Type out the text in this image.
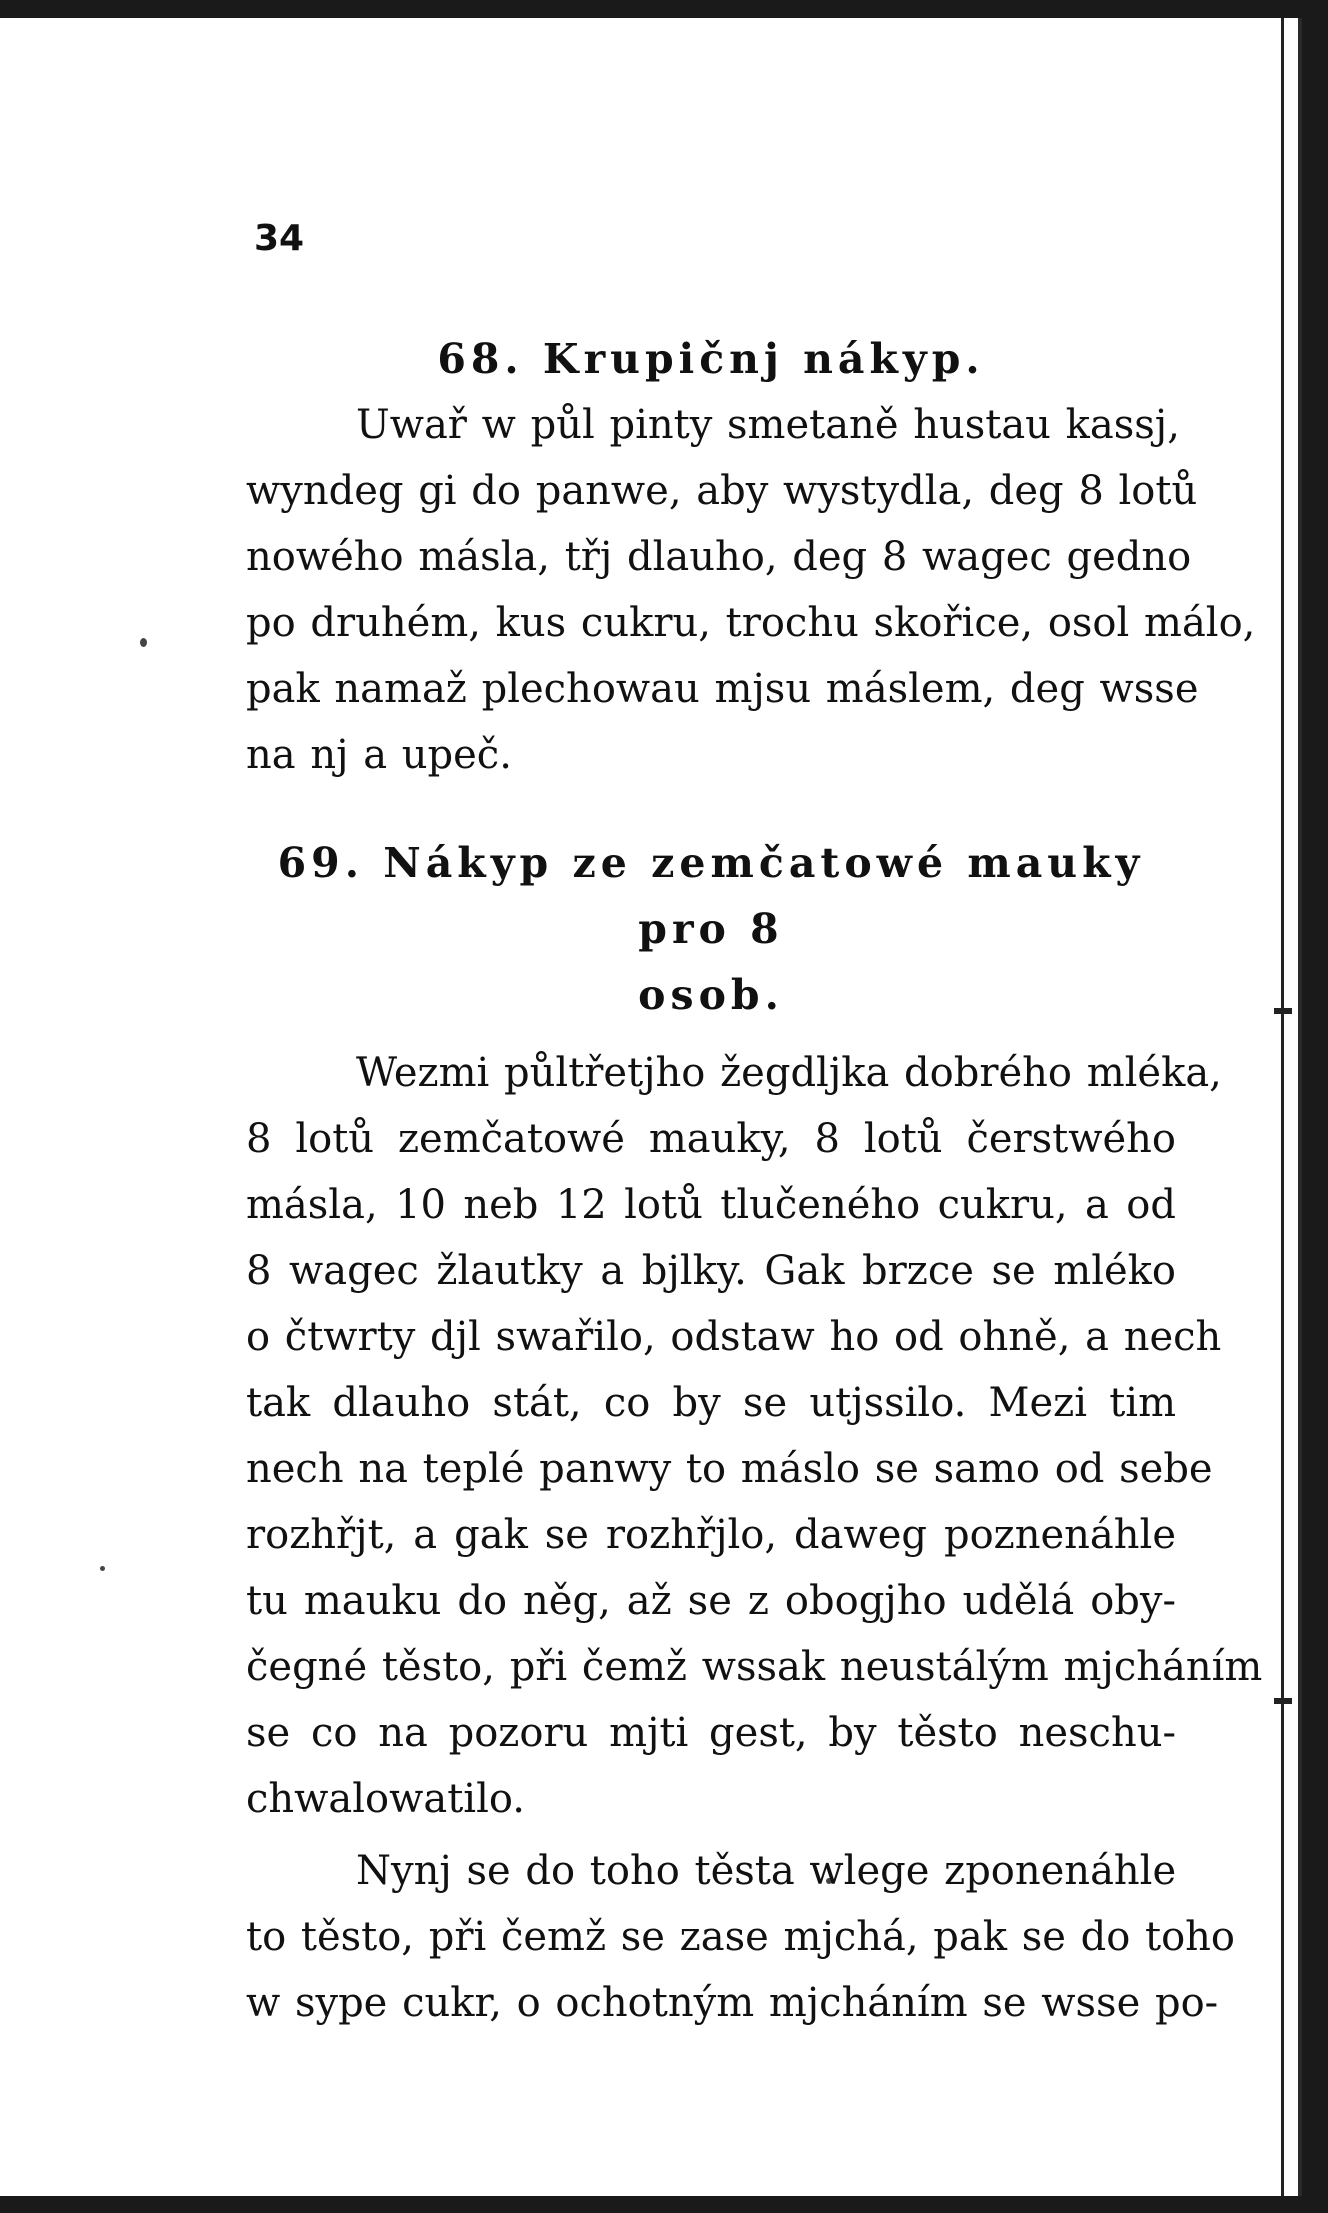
34
68. Krupičnj nákyp.

Uwař w půl pinty smetaně hustau kassj,
wyndeg gi do panwe, aby wystydla, deg 8 lotů
nowého másla, třj dlauho, deg 8 wagec gedno
po druhém, kus cukru, trochu skořice, osol málo,
pak namaž plechowau mjsu máslem, deg wsse
na nj a upeč.

69. Nákyp ze zemčatowé mauky pro 8
osob.

Wezmi půltřetjho žegdljka dobrého mléka,
8 lotů zemčatowé mauky, 8 lotů čerstwého
másla, 10 neb 12 lotů tlučeného cukru, a od
8 wagec žlautky a bjlky. Gak brzce se mléko
o čtwrty djl swařilo, odstaw ho od ohně, a nech
tak dlauho stát, co by se utjssilo. Mezi tim
nech na teplé panwy to máslo se samo od sebe
rozhřjt, a gak se rozhřjlo, daweg poznenáhle
tu mauku do něg, až se z obogjho udělá oby-
čegné těsto, při čemž wssak neustálým mjcháním
se co na pozoru mjti gest, by těsto neschu-
chwalowatilo.

Nynj se do toho těsta wlege zponenáhle
to těsto, při čemž se zase mjchá, pak se do toho
w sype cukr, o ochotným mjcháním se wsse po-
